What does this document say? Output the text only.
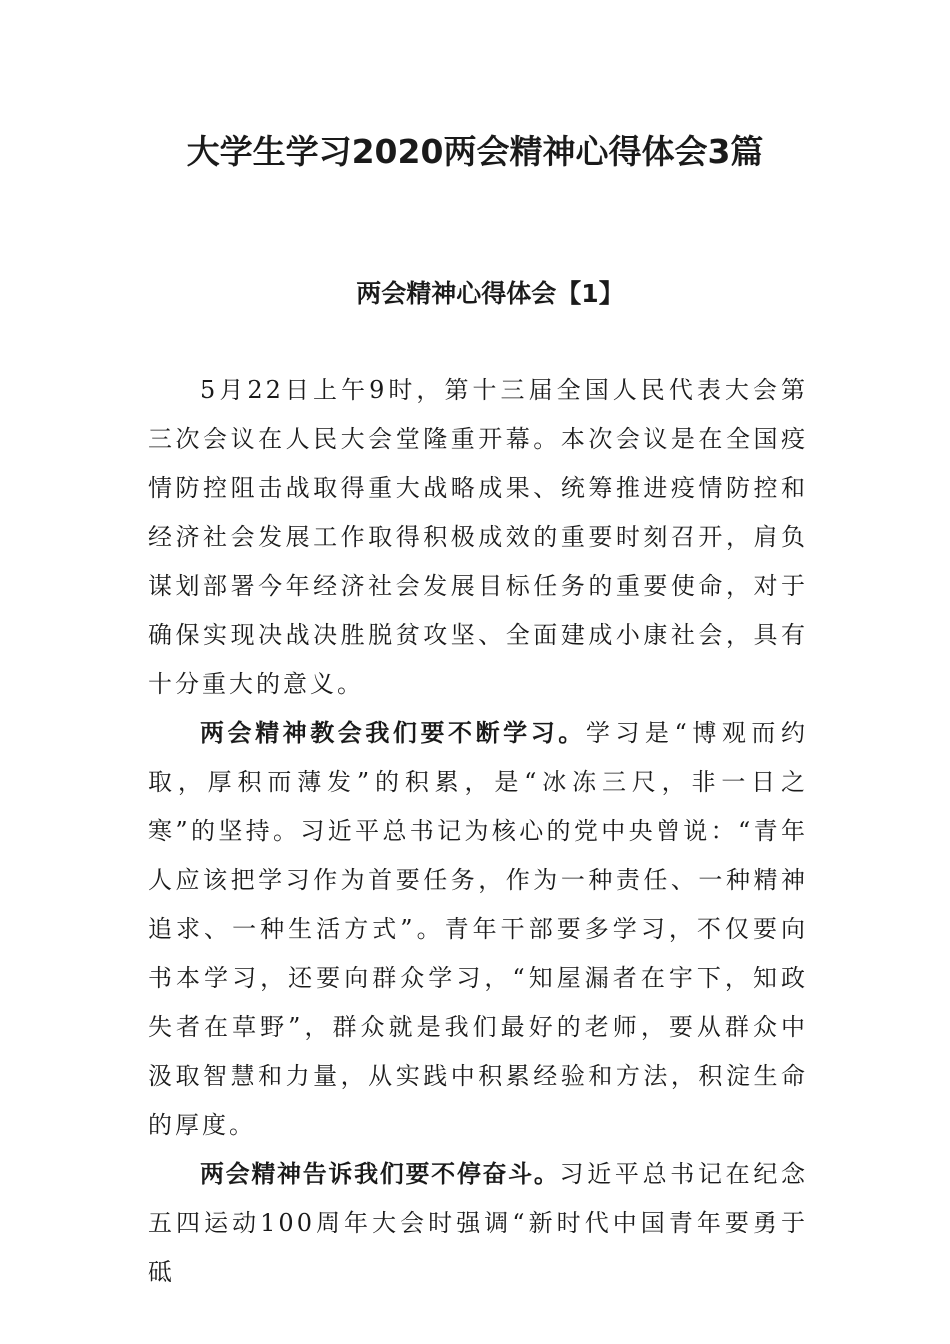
大学生学习2020两会精神心得体会3篇
两会精神心得体会【1】

5月22日上午9时，第十三届全国人民代表大会第三次会议在人民大会堂隆重开幕。本次会议是在全国疫情防控阻击战取得重大战略成果、统筹推进疫情防控和经济社会发展工作取得积极成效的重要时刻召开，肩负谋划部署今年经济社会发展目标任务的重要使命，对于确保实现决战决胜脱贫攻坚、全面建成小康社会，具有十分重大的意义。

两会精神教会我们要不断学习。学习是“博观而约取，厚积而薄发”的积累，是“冰冻三尺，非一日之寒”的坚持。习近平总书记为核心的党中央曾说：“青年人应该把学习作为首要任务，作为一种责任、一种精神追求、一种生活方式”。青年干部要多学习，不仅要向书本学习，还要向群众学习，“知屋漏者在宇下，知政失者在草野”，群众就是我们最好的老师，要从群众中汲取智慧和力量，从实践中积累经验和方法，积淀生命的厚度。

两会精神告诉我们要不停奋斗。习近平总书记在纪念五四运动100周年大会时强调“新时代中国青年要勇于砥
